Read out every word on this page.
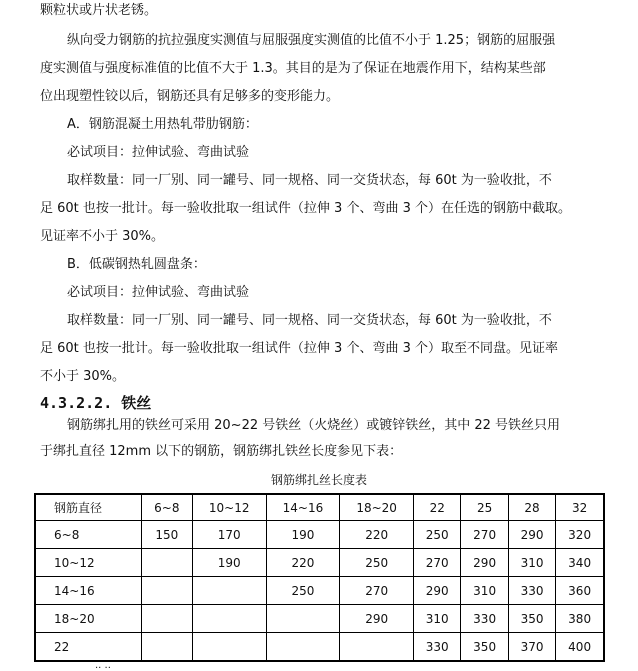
颗粒状或片状老锈。
纵向受力钢筋的抗拉强度实测值与屈服强度实测值的比值不小于 1.25；钢筋的屈服强
度实测值与强度标准值的比值不大于 1.3。其目的是为了保证在地震作用下，结构某些部
位出现塑性铰以后，钢筋还具有足够多的变形能力。
A．钢筋混凝土用热轧带肋钢筋：
必试项目：拉伸试验、弯曲试验
取样数量：同一厂别、同一罐号、同一规格、同一交货状态，每 60t 为一验收批，不
足 60t 也按一批计。每一验收批取一组试件（拉伸 3 个、弯曲 3 个）在任选的钢筋中截取。
见证率不小于 30%。
B．低碳钢热轧圆盘条：
必试项目：拉伸试验、弯曲试验
取样数量：同一厂别、同一罐号、同一规格、同一交货状态，每 60t 为一验收批，不
足 60t 也按一批计。每一验收批取一组试件（拉伸 3 个、弯曲 3 个）取至不同盘。见证率
不小于 30%。
4.3.2.2. 铁丝
钢筋绑扎用的铁丝可采用 20~22 号铁丝（火烧丝）或镀锌铁丝，其中 22 号铁丝只用
于绑扎直径 12mm 以下的钢筋，钢筋绑扎铁丝长度参见下表：
钢筋绑扎丝长度表
钢筋直径	6~8	10~12	14~16	18~20	22	25	28	32
6~8	150	170	190	220	250	270	290	320
10~12		190	220	250	270	290	310	340
14~16			250	270	290	310	330	360
18~20				290	310	330	350	380
22					330	350	370	400
.. ..
